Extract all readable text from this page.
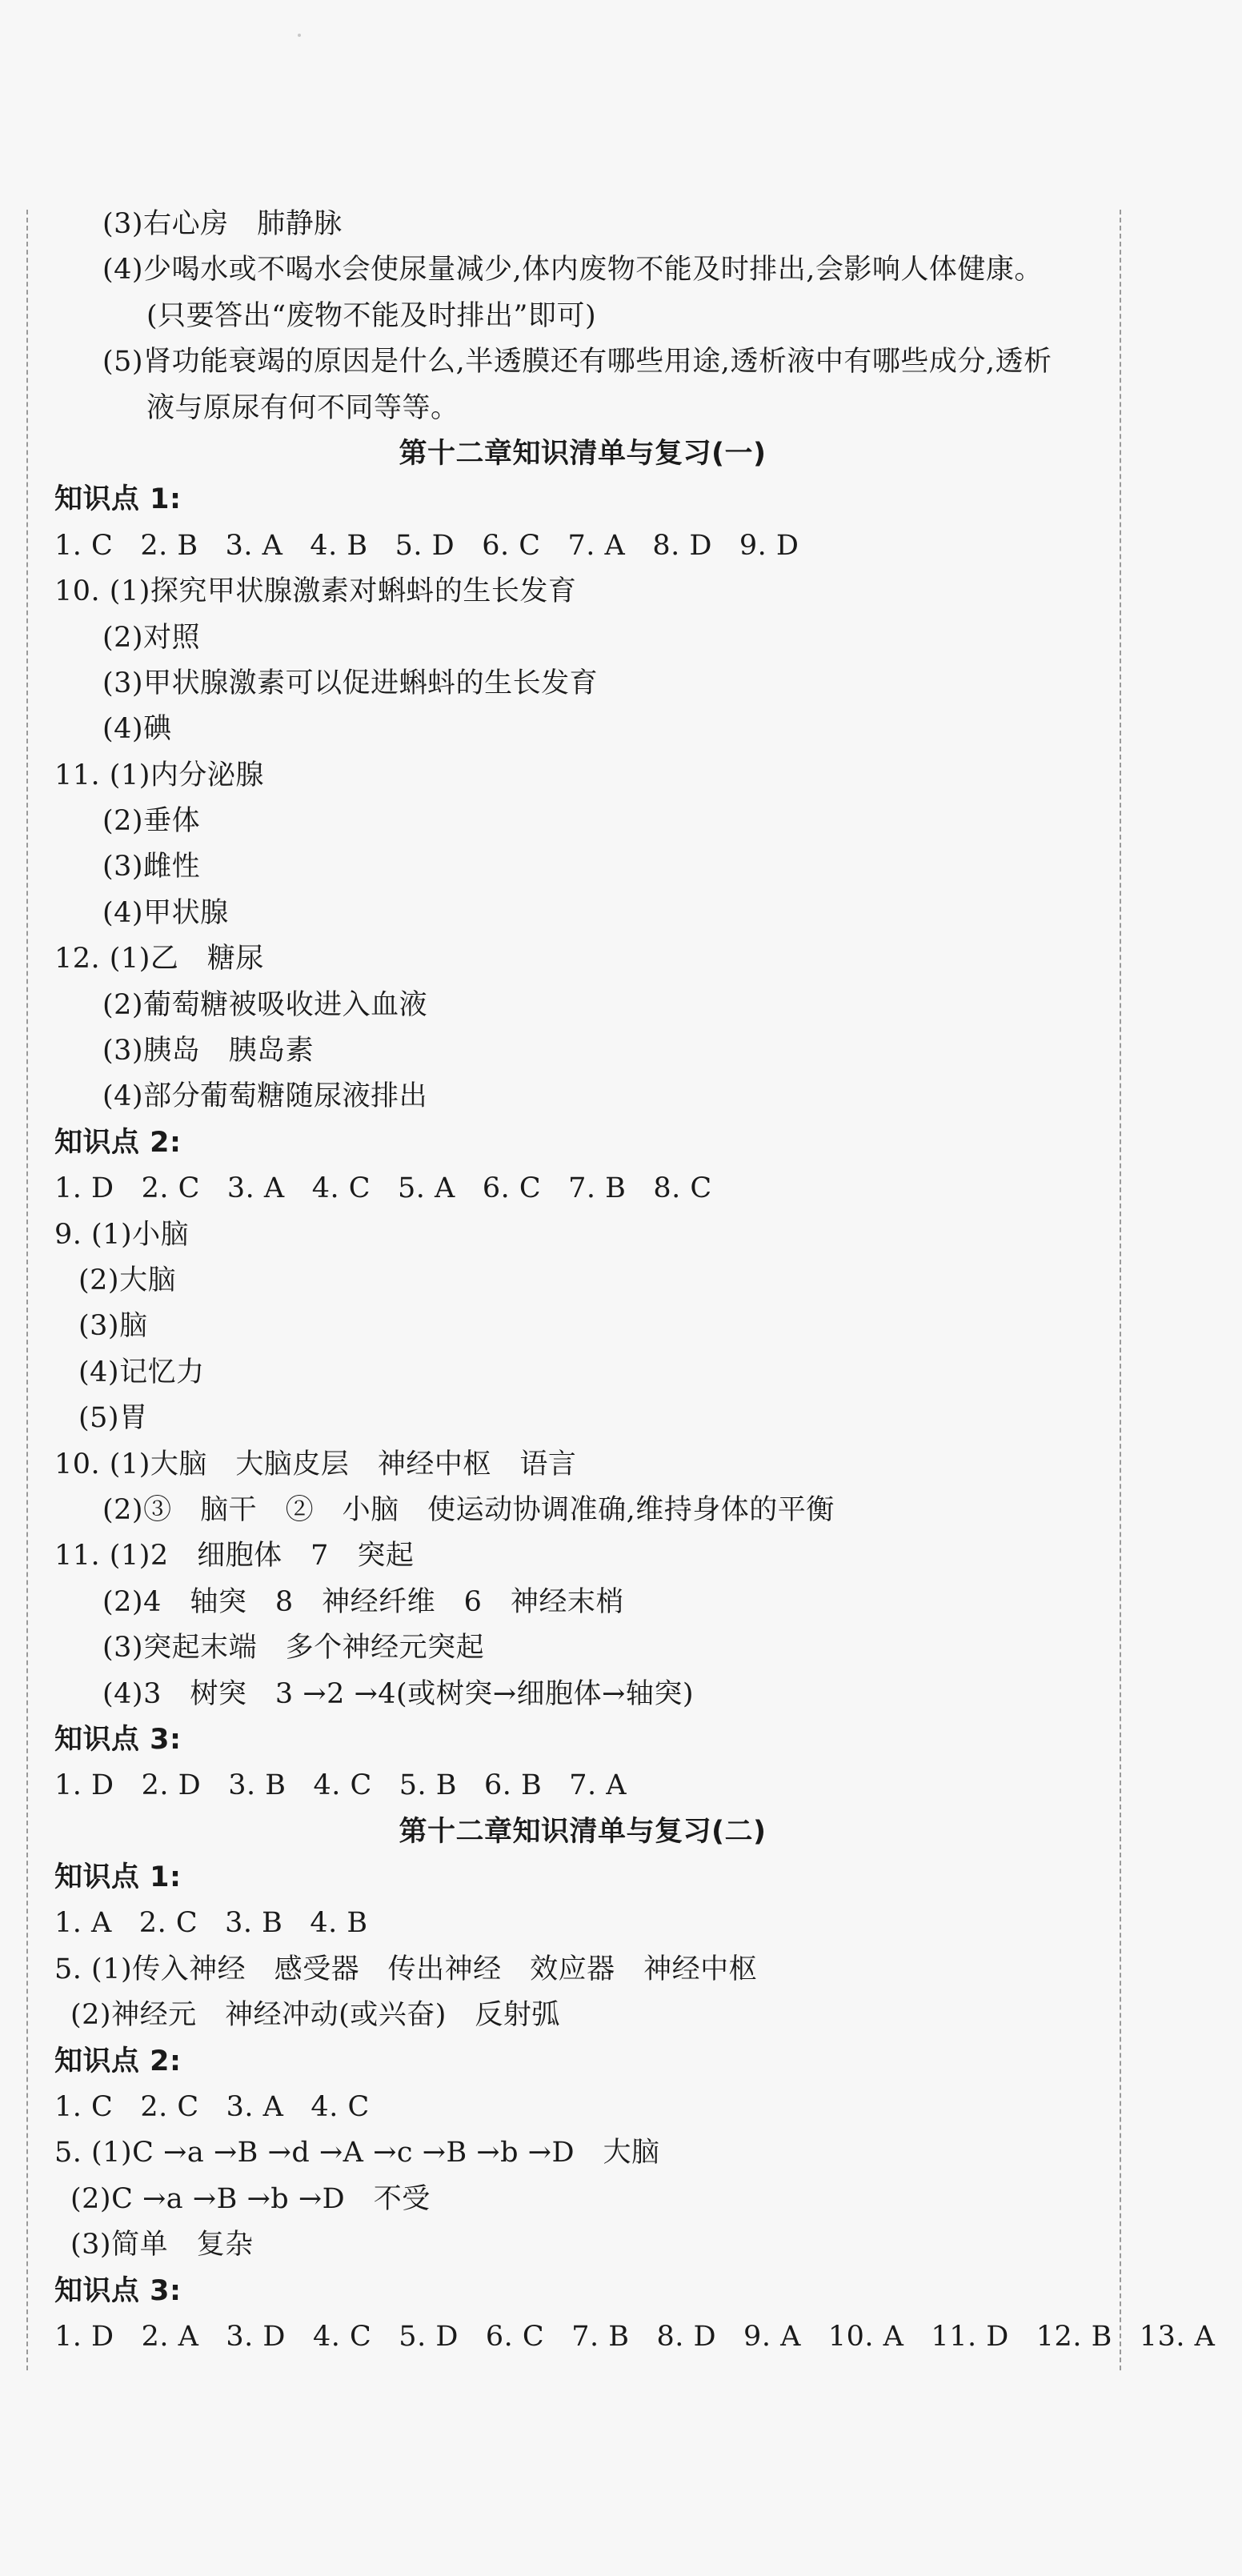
(3)右心房　肺静脉
(4)少喝水或不喝水会使尿量减少,体内废物不能及时排出,会影响人体健康。
(只要答出“废物不能及时排出”即可)
(5)肾功能衰竭的原因是什么,半透膜还有哪些用途,透析液中有哪些成分,透析
液与原尿有何不同等等。
第十二章知识清单与复习(一)
知识点 1:
1. C 2. B 3. A 4. B 5. D 6. C 7. A 8. D 9. D
10. (1)探究甲状腺激素对蝌蚪的生长发育
(2)对照
(3)甲状腺激素可以促进蝌蚪的生长发育
(4)碘
11. (1)内分泌腺
(2)垂体
(3)雌性
(4)甲状腺
12. (1)乙　糖尿
(2)葡萄糖被吸收进入血液
(3)胰岛　胰岛素
(4)部分葡萄糖随尿液排出
知识点 2:
1. D 2. C 3. A 4. C 5. A 6. C 7. B 8. C
9. (1)小脑
(2)大脑
(3)脑
(4)记忆力
(5)胃
10. (1)大脑　大脑皮层　神经中枢　语言
(2)③　脑干　②　小脑　使运动协调准确,维持身体的平衡
11. (1)2　细胞体　7　突起
(2)4　轴突　8　神经纤维　6　神经末梢
(3)突起末端　多个神经元突起
(4)3　树突　3 →2 →4(或树突→细胞体→轴突)
知识点 3:
1. D 2. D 3. B 4. C 5. B 6. B 7. A
第十二章知识清单与复习(二)
知识点 1:
1. A 2. C 3. B 4. B
5. (1)传入神经　感受器　传出神经　效应器　神经中枢
(2)神经元　神经冲动(或兴奋)　反射弧
知识点 2:
1. C 2. C 3. A 4. C
5. (1)C →a →B →d →A →c →B →b →D　大脑
(2)C →a →B →b →D　不受
(3)简单　复杂
知识点 3:
1. D 2. A 3. D 4. C 5. D 6. C 7. B 8. D 9. A 10. A 11. D 12. B 13. A
